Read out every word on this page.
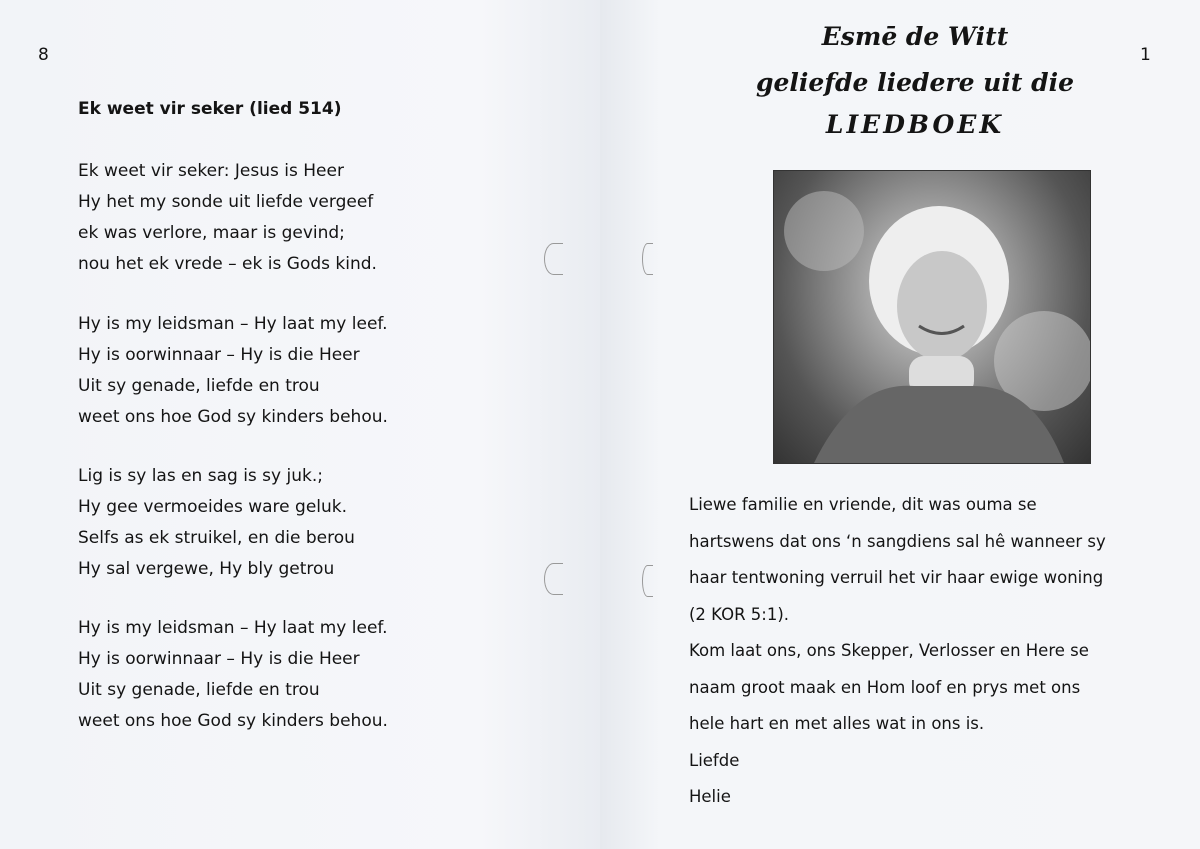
8
Ek weet vir seker (lied 514)
Ek weet vir seker: Jesus is Heer
Hy het my sonde uit liefde vergeef
ek was verlore, maar is gevind;
nou het ek vrede – ek is Gods kind.
Hy is my leidsman – Hy laat my leef.
Hy is oorwinnaar – Hy is die Heer
Uit sy genade, liefde en trou
weet ons hoe God sy kinders behou.
Lig is sy las en sag is sy juk.;
Hy gee vermoeides ware geluk.
Selfs as ek struikel, en die berou
Hy sal vergewe, Hy bly getrou
Hy is my leidsman – Hy laat my leef.
Hy is oorwinnaar – Hy is die Heer
Uit sy genade, liefde en trou
weet ons hoe God sy kinders behou.
1
Esmē de Witt
geliefde liedere uit die
LIEDBOEK
Liewe familie en vriende, dit was ouma se
hartswens dat ons ‘n sangdiens sal hê wanneer sy
haar tentwoning verruil het vir haar ewige woning
(2 KOR 5:1).
Kom laat ons, ons Skepper, Verlosser en Here se
naam groot maak en Hom loof en prys met ons
hele hart en met alles wat in ons is.
Liefde
Helie
